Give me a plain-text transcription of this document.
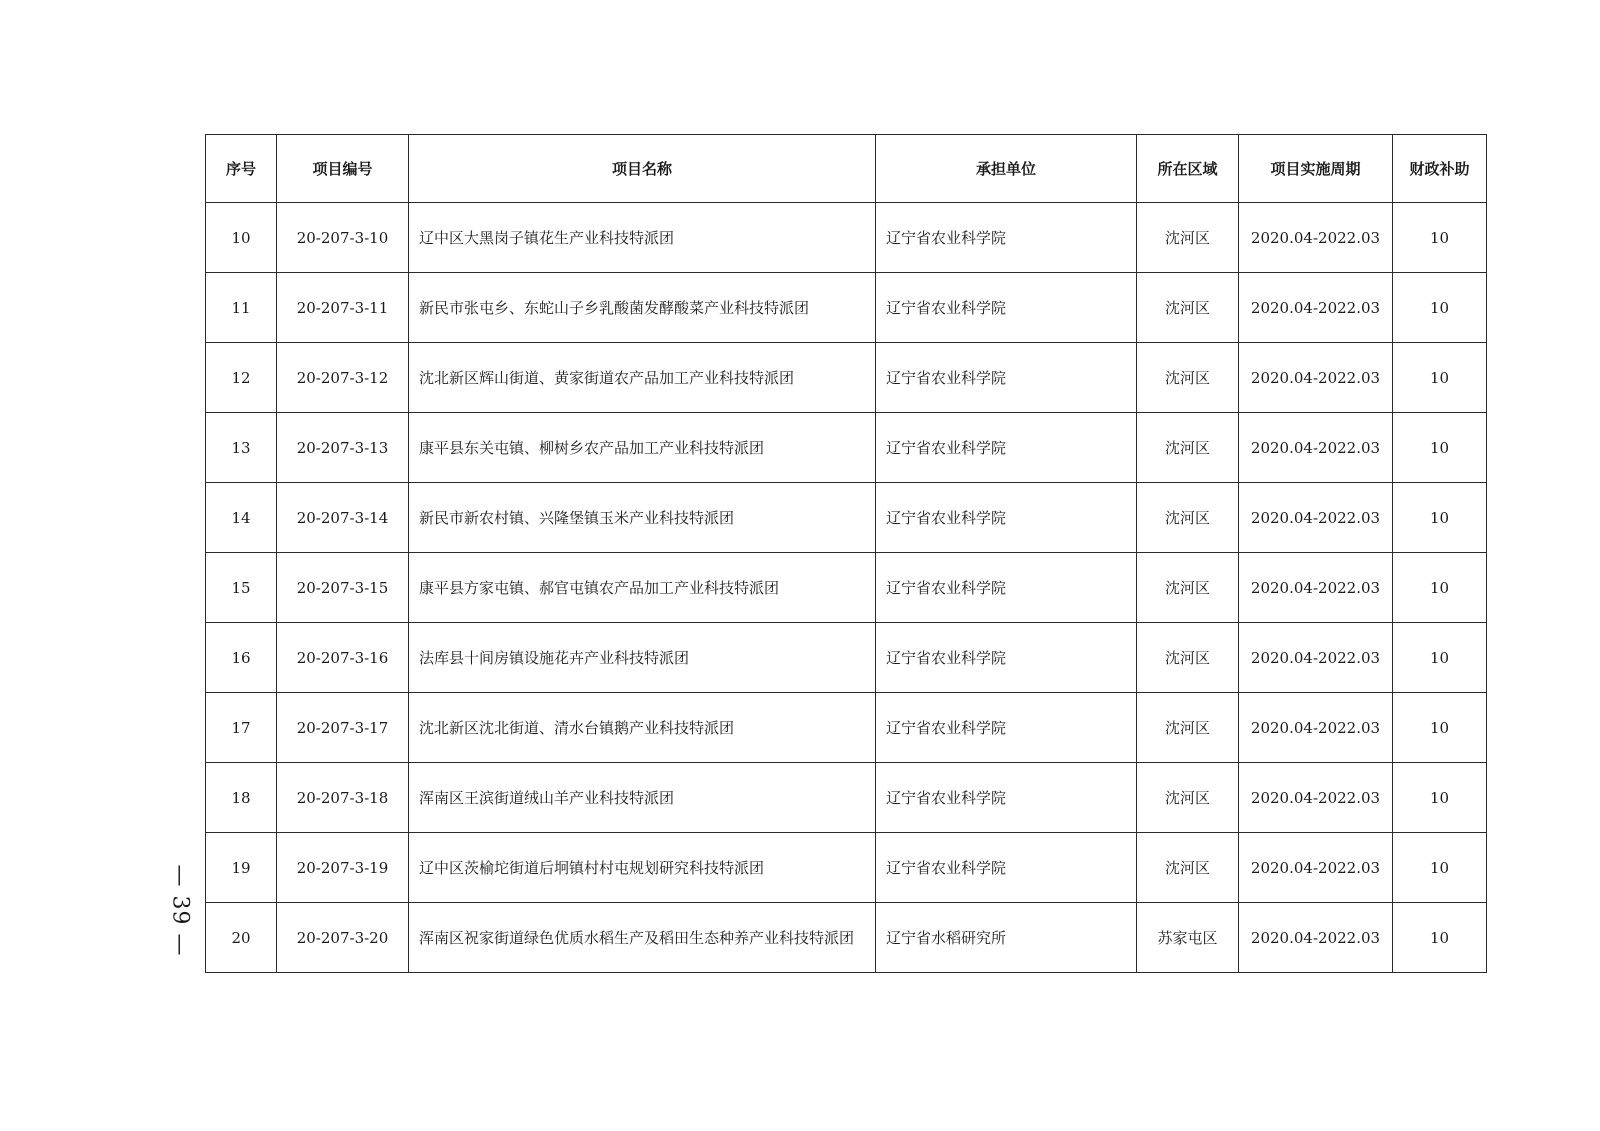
序号	项目编号	项目名称	承担单位	所在区域	项目实施周期	财政补助
10	20-207-3-10	辽中区大黑岗子镇花生产业科技特派团	辽宁省农业科学院	沈河区	2020.04-2022.03	10
11	20-207-3-11	新民市张屯乡、东蛇山子乡乳酸菌发酵酸菜产业科技特派团	辽宁省农业科学院	沈河区	2020.04-2022.03	10
12	20-207-3-12	沈北新区辉山街道、黄家街道农产品加工产业科技特派团	辽宁省农业科学院	沈河区	2020.04-2022.03	10
13	20-207-3-13	康平县东关屯镇、柳树乡农产品加工产业科技特派团	辽宁省农业科学院	沈河区	2020.04-2022.03	10
14	20-207-3-14	新民市新农村镇、兴隆堡镇玉米产业科技特派团	辽宁省农业科学院	沈河区	2020.04-2022.03	10
15	20-207-3-15	康平县方家屯镇、郝官屯镇农产品加工产业科技特派团	辽宁省农业科学院	沈河区	2020.04-2022.03	10
16	20-207-3-16	法库县十间房镇设施花卉产业科技特派团	辽宁省农业科学院	沈河区	2020.04-2022.03	10
17	20-207-3-17	沈北新区沈北街道、清水台镇鹅产业科技特派团	辽宁省农业科学院	沈河区	2020.04-2022.03	10
18	20-207-3-18	浑南区王滨街道绒山羊产业科技特派团	辽宁省农业科学院	沈河区	2020.04-2022.03	10
19	20-207-3-19	辽中区茨榆坨街道后坰镇村村屯规划研究科技特派团	辽宁省农业科学院	沈河区	2020.04-2022.03	10
20	20-207-3-20	浑南区祝家街道绿色优质水稻生产及稻田生态种养产业科技特派团	辽宁省水稻研究所	苏家屯区	2020.04-2022.03	10
— 39 —
